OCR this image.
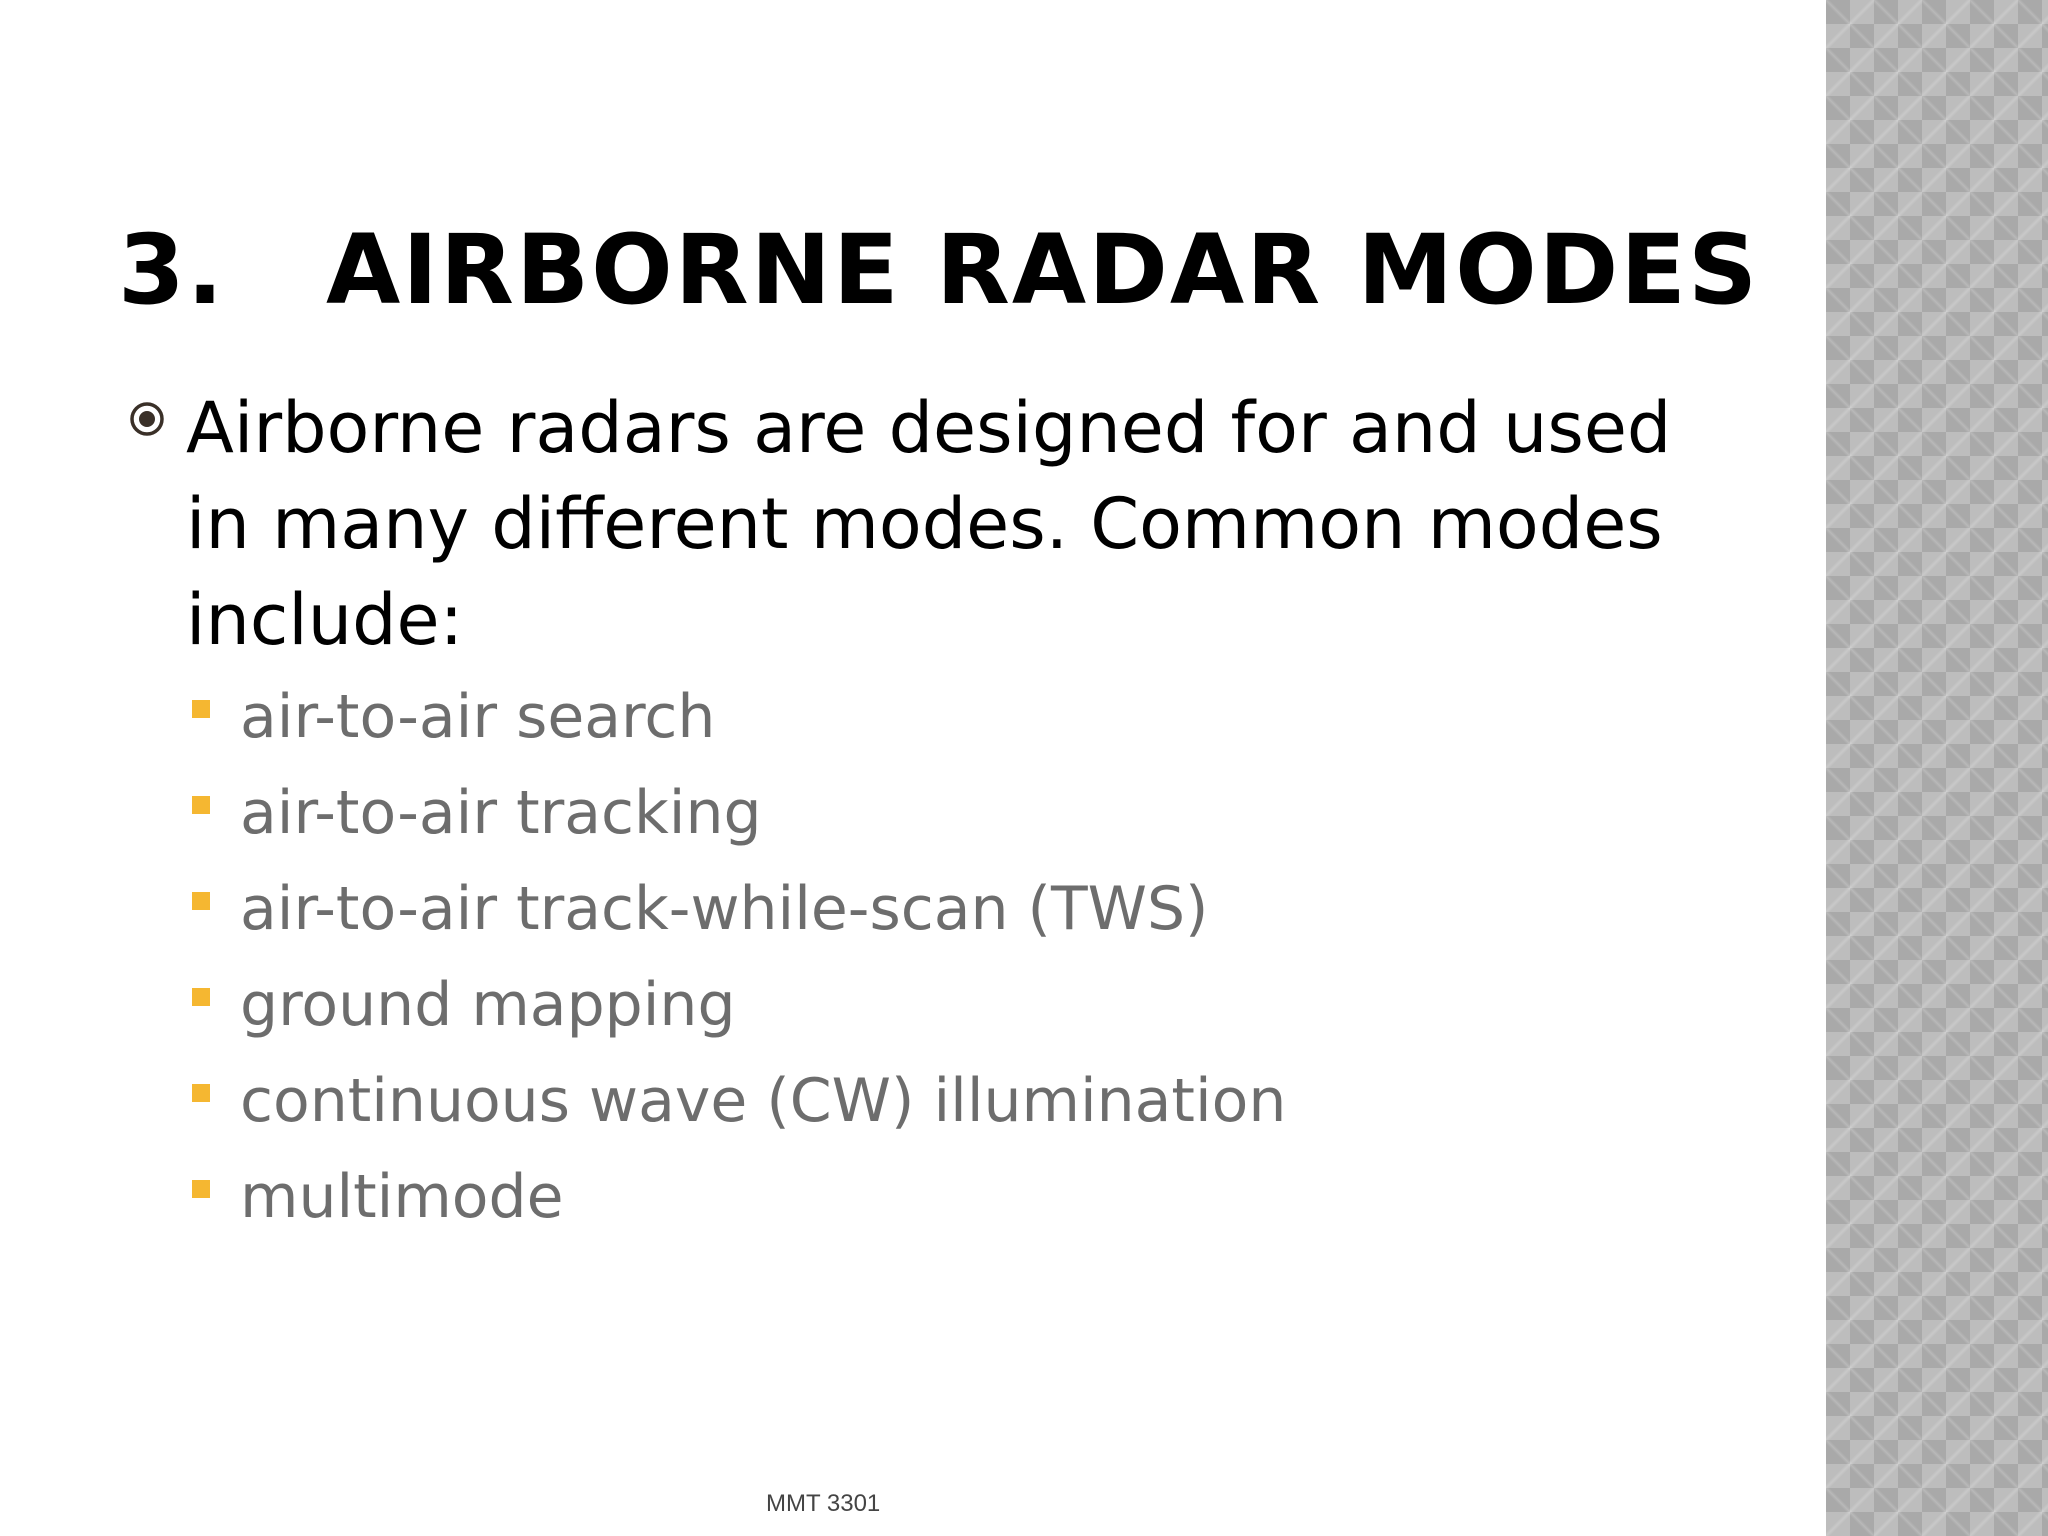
3. AIRBORNE RADAR MODES
Airborne radars are designed for and used in many different modes. Common modes include:
air-to-air search
air-to-air tracking
air-to-air track-while-scan (TWS)
ground mapping
continuous wave (CW) illumination
multimode
MMT 3301
